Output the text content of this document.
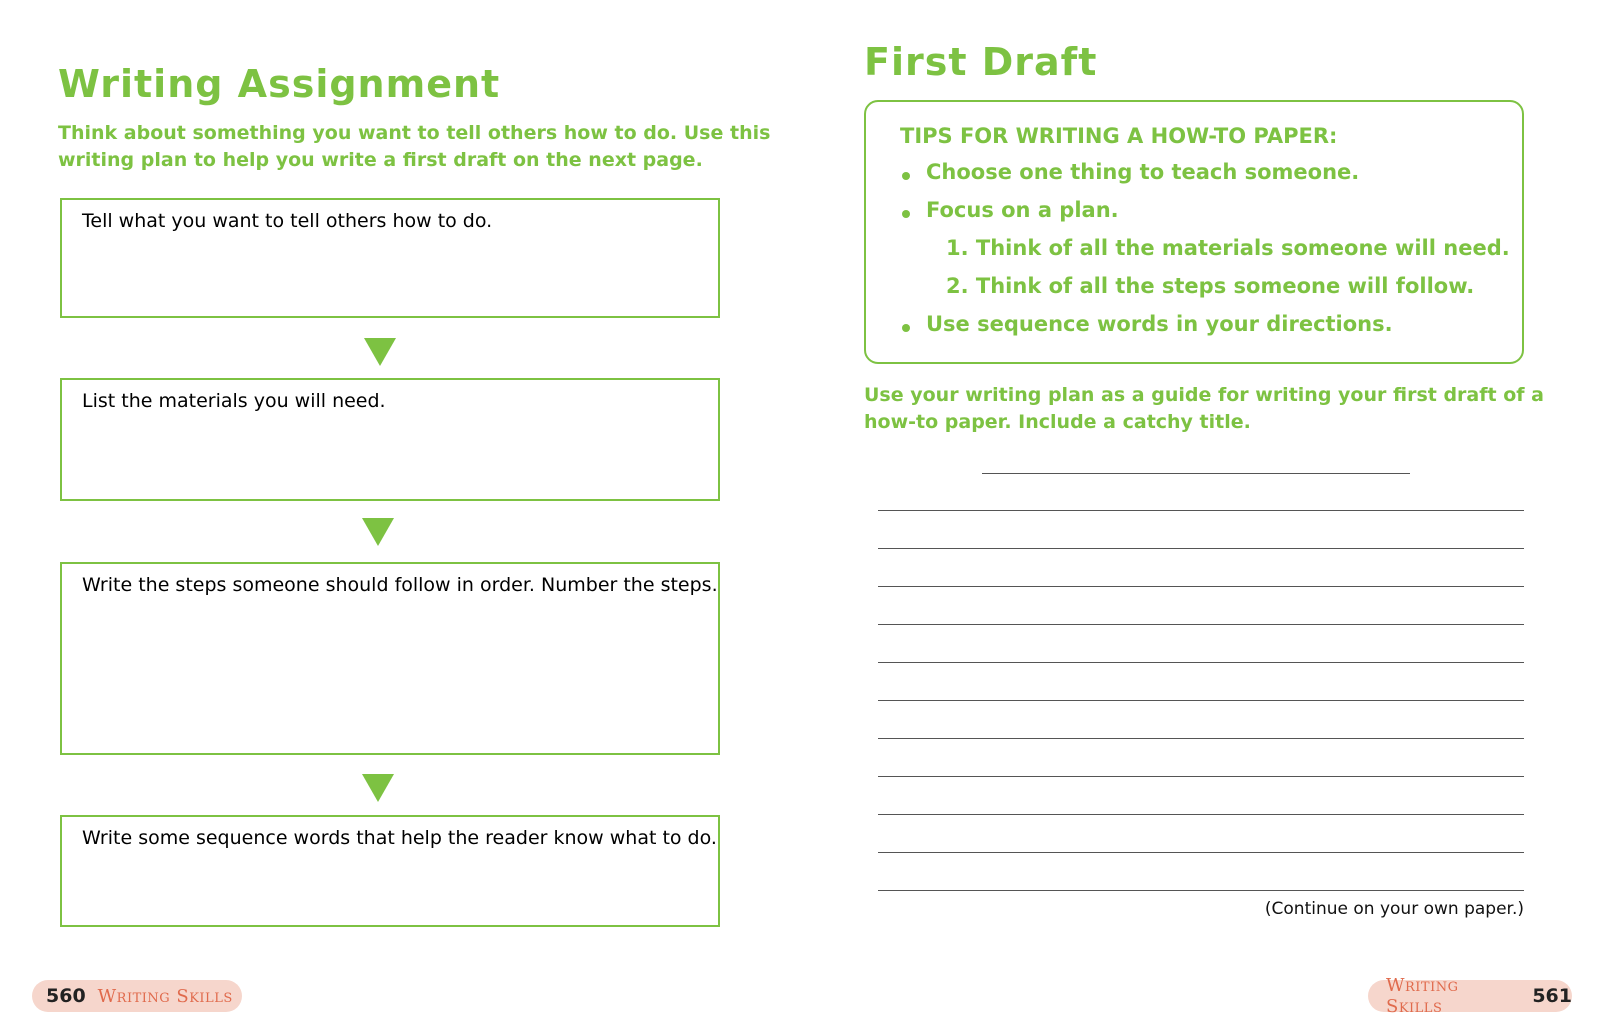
Writing Assignment

Think about something you want to tell others how to do. Use this

writing plan to help you write a first draft on the next page.

Tell what you want to tell others how to do.
List the materials you will need.
Write the steps someone should follow in order. Number the steps.
Write some sequence words that help the reader know what to do.
560 Writing Skills
First Draft
TIPS FOR WRITING A HOW-TO PAPER:
Choose one thing to teach someone.
Focus on a plan.
1. Think of all the materials someone will need.
2. Think of all the steps someone will follow.
Use sequence words in your directions.

Use your writing plan as a guide for writing your first draft of a

how-to paper. Include a catchy title.

(Continue on your own paper.)
Writing Skills	561
